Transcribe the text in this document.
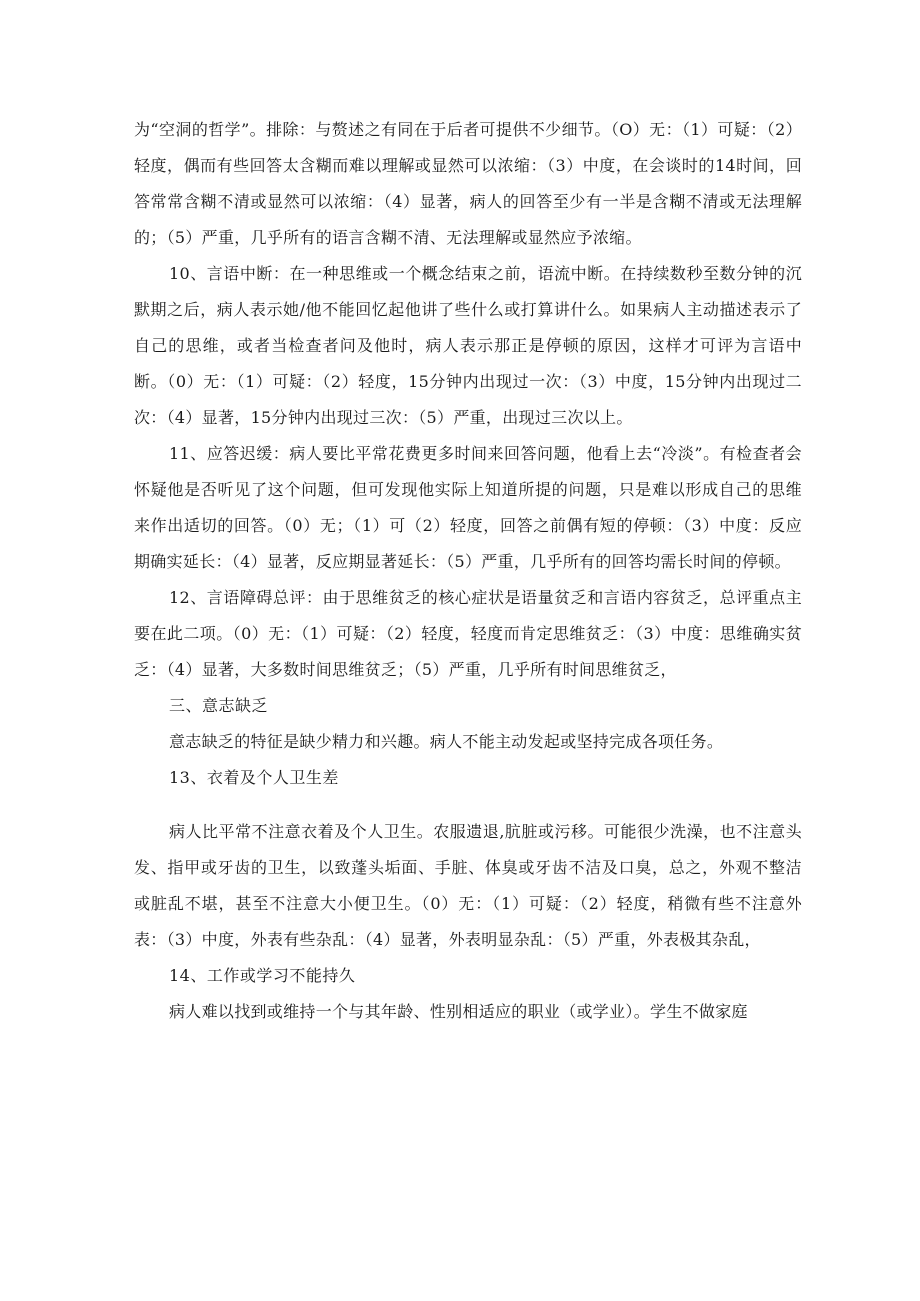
为“空洞的哲学”。排除：与赘述之有同在于后者可提供不少细节。（O）无：（1）可疑：（2）轻度，偶而有些回答太含糊而难以理解或显然可以浓缩：（3）中度，在会谈时的14时间，回答常常含糊不清或显然可以浓缩：（4）显著，病人的回答至少有一半是含糊不清或无法理解的；（5）严重，几乎所有的语言含糊不清、无法理解或显然应予浓缩。

10、言语中断：在一种思维或一个概念结束之前，语流中断。在持续数秒至数分钟的沉默期之后，病人表示她/他不能回忆起他讲了些什么或打算讲什么。如果病人主动描述表示了自己的思维，或者当检查者问及他时，病人表示那正是停顿的原因，这样才可评为言语中断。（0）无：（1）可疑：（2）轻度，15分钟内出现过一次：（3）中度，15分钟内出现过二次：（4）显著，15分钟内出现过三次：（5）严重，出现过三次以上。

11、应答迟缓：病人要比平常花费更多时间来回答问题，他看上去“冷淡”。有检查者会怀疑他是否听见了这个问题，但可发现他实际上知道所提的问题，只是难以形成自己的思维来作出适切的回答。（0）无；（1）可（2）轻度，回答之前偶有短的停顿：（3）中度：反应期确实延长：（4）显著，反应期显著延长：（5）严重，几乎所有的回答均需长时间的停顿。

12、言语障碍总评：由于思维贫乏的核心症状是语量贫乏和言语内容贫乏，总评重点主要在此二项。（0）无：（1）可疑：（2）轻度，轻度而肯定思维贫乏：（3）中度：思维确实贫乏：（4）显著，大多数时间思维贫乏；（5）严重，几乎所有时间思维贫乏，

三、意志缺乏

意志缺乏的特征是缺少精力和兴趣。病人不能主动发起或坚持完成各项任务。

13、衣着及个人卫生差

病人比平常不注意衣着及个人卫生。农服遗退,肮脏或污移。可能很少洗澡，也不注意头发、指甲或牙齿的卫生，以致蓬头垢面、手脏、体臭或牙齿不洁及口臭，总之，外观不整洁或脏乱不堪，甚至不注意大小便卫生。（0）无：（1）可疑：（2）轻度，稍微有些不注意外表：（3）中度，外表有些杂乱：（4）显著，外表明显杂乱：（5）严重，外表极其杂乱，

14、工作或学习不能持久

病人难以找到或维持一个与其年龄、性别相适应的职业（或学业）。学生不做家庭
